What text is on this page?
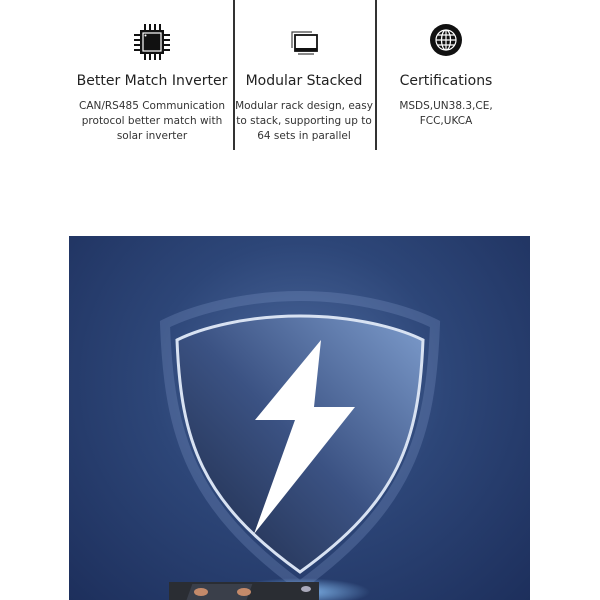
Better Match Inverter
CAN/RS485 Communication protocol better match with solar inverter
Modular Stacked
Modular rack design, easy to stack, supporting up to 64 sets in parallel
Certifications
MSDS,UN38.3,CE, FCC,UKCA
